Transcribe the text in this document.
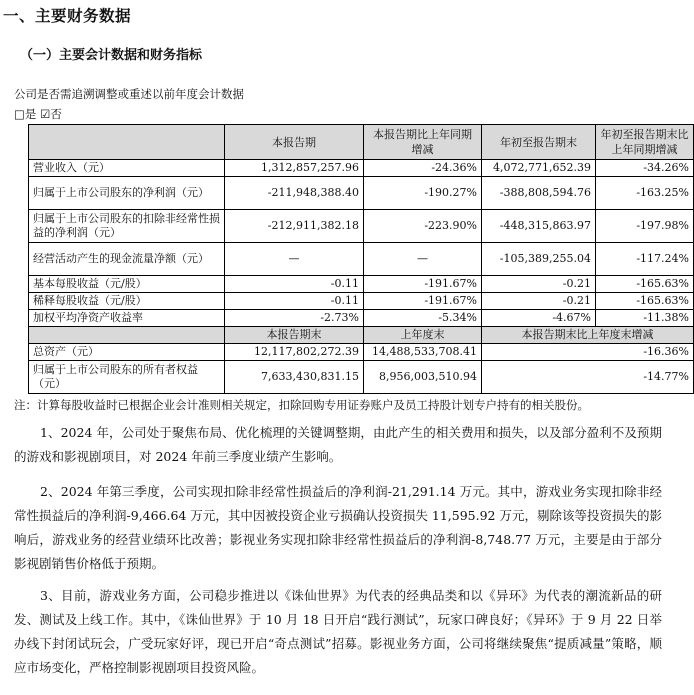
一、主要财务数据
（一）主要会计数据和财务指标
公司是否需追溯调整或重述以前年度会计数据
□是 ☑否
	本报告期	本报告期比上年同期增减	年初至报告期末	年初至报告期末比上年同期增减
营业收入（元）	1,312,857,257.96	-24.36%	4,072,771,652.39	-34.26%
归属于上市公司股东的净利润（元）	-211,948,388.40	-190.27%	-388,808,594.76	-163.25%
归属于上市公司股东的扣除非经常性损益的净利润（元）	-212,911,382.18	-223.90%	-448,315,863.97	-197.98%
经营活动产生的现金流量净额（元）	—	—	-105,389,255.04	-117.24%
基本每股收益（元/股）	-0.11	-191.67%	-0.21	-165.63%
稀释每股收益（元/股）	-0.11	-191.67%	-0.21	-165.63%
加权平均净资产收益率	-2.73%	-5.34%	-4.67%	-11.38%
	本报告期末	上年度末	本报告期末比上年度末增减	
总资产（元）	12,117,802,272.39	14,488,533,708.41	-16.36%	
归属于上市公司股东的所有者权益（元）	7,633,430,831.15	8,956,003,510.94	-14.77%	
注：计算每股收益时已根据企业会计准则相关规定，扣除回购专用证券账户及员工持股计划专户持有的相关股份。
1、2024 年，公司处于聚焦布局、优化梳理的关键调整期，由此产生的相关费用和损失，以及部分盈利不及预期的游戏和影视剧项目，对 2024 年前三季度业绩产生影响。
2、2024 年第三季度，公司实现扣除非经常性损益后的净利润-21,291.14 万元。其中，游戏业务实现扣除非经常性损益后的净利润-9,466.64 万元，其中因被投资企业亏损确认投资损失 11,595.92 万元，剔除该等投资损失的影响后，游戏业务的经营业绩环比改善；影视业务实现扣除非经常性损益后的净利润-8,748.77 万元，主要是由于部分影视剧销售价格低于预期。
3、目前，游戏业务方面，公司稳步推进以《诛仙世界》为代表的经典品类和以《异环》为代表的潮流新品的研发、测试及上线工作。其中，《诛仙世界》于 10 月 18 日开启“践行测试”，玩家口碑良好；《异环》于 9 月 22 日举办线下封闭试玩会，广受玩家好评，现已开启“奇点测试”招募。影视业务方面，公司将继续聚焦“提质减量”策略，顺应市场变化，严格控制影视剧项目投资风险。
